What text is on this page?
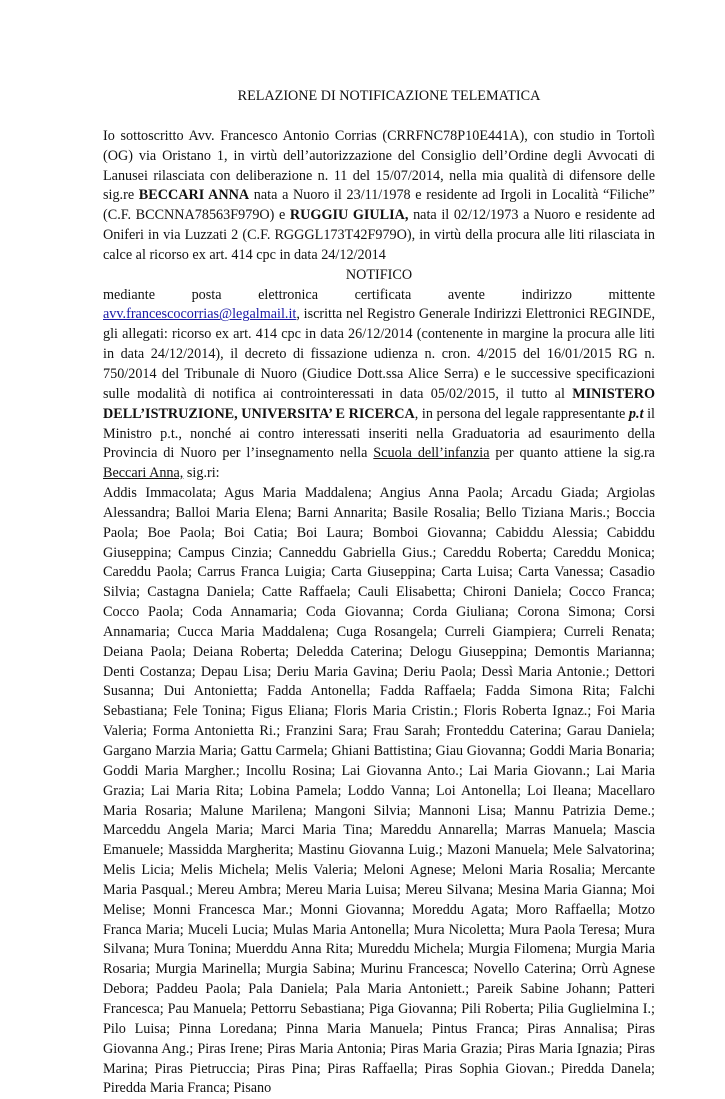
RELAZIONE DI NOTIFICAZIONE TELEMATICA

Io sottoscritto Avv. Francesco Antonio Corrias (CRRFNC78P10E441A), con studio in Tortolì (OG) via Oristano 1, in virtù dell’autorizzazione del Consiglio dell’Ordine degli Avvocati di Lanusei rilasciata con deliberazione n. 11 del 15/07/2014, nella mia qualità di difensore delle sig.re BECCARI ANNA nata a Nuoro il 23/11/1978 e residente ad Irgoli in Località “Filiche” (C.F. BCCNNA78563F979O) e RUGGIU GIULIA, nata il 02/12/1973 a Nuoro e residente ad Oniferi in via Luzzati 2 (C.F. RGGGL173T42F979O), in virtù della procura alle liti rilasciata in calce al ricorso ex art. 414 cpc in data 24/12/2014

NOTIFICO

mediante posta elettronica certificata avente indirizzo mittente avv.francescocorrias@legalmail.it, iscritta nel Registro Generale Indirizzi Elettronici REGINDE, gli allegati: ricorso ex art. 414 cpc in data 26/12/2014 (contenente in margine la procura alle liti in data 24/12/2014), il decreto di fissazione udienza n. cron. 4/2015 del 16/01/2015 RG n. 750/2014 del Tribunale di Nuoro (Giudice Dott.ssa Alice Serra) e le successive specificazioni sulle modalità di notifica ai controinteressati in data 05/02/2015, il tutto al MINISTERO DELL’ISTRUZIONE, UNIVERSITA’ E RICERCA, in persona del legale rappresentante p.t il Ministro p.t., nonché ai contro interessati inseriti nella Graduatoria ad esaurimento della Provincia di Nuoro per l’insegnamento nella Scuola dell’infanzia per quanto attiene la sig.ra Beccari Anna, sig.ri:

Addis Immacolata; Agus Maria Maddalena; Angius Anna Paola; Arcadu Giada; Argiolas Alessandra; Balloi Maria Elena; Barni Annarita; Basile Rosalia; Bello Tiziana Maris.; Boccia Paola; Boe Paola; Boi Catia; Boi Laura; Bomboi Giovanna; Cabiddu Alessia; Cabiddu Giuseppina; Campus Cinzia; Canneddu Gabriella Gius.; Careddu Roberta; Careddu Monica; Careddu Paola; Carrus Franca Luigia; Carta Giuseppina; Carta Luisa; Carta Vanessa; Casadio Silvia; Castagna Daniela; Catte Raffaela; Cauli Elisabetta; Chironi Daniela; Cocco Franca; Cocco Paola; Coda Annamaria; Coda Giovanna; Corda Giuliana; Corona Simona; Corsi Annamaria; Cucca Maria Maddalena; Cuga Rosangela; Curreli Giampiera; Curreli Renata; Deiana Paola; Deiana Roberta; Deledda Caterina; Delogu Giuseppina; Demontis Marianna; Denti Costanza; Depau Lisa; Deriu Maria Gavina; Deriu Paola; Dessì Maria Antonie.; Dettori Susanna; Dui Antonietta; Fadda Antonella; Fadda Raffaela; Fadda Simona Rita; Falchi Sebastiana; Fele Tonina; Figus Eliana; Floris Maria Cristin.; Floris Roberta Ignaz.; Foi Maria Valeria; Forma Antonietta Ri.; Franzini Sara; Frau Sarah; Fronteddu Caterina; Garau Daniela; Gargano Marzia Maria; Gattu Carmela; Ghiani Battistina; Giau Giovanna; Goddi Maria Bonaria; Goddi Maria Margher.; Incollu Rosina; Lai Giovanna Anto.; Lai Maria Giovann.; Lai Maria Grazia; Lai Maria Rita; Lobina Pamela; Loddo Vanna; Loi Antonella; Loi Ileana; Macellaro Maria Rosaria; Malune Marilena; Mangoni Silvia; Mannoni Lisa; Mannu Patrizia Deme.; Marceddu Angela Maria; Marci Maria Tina; Mareddu Annarella; Marras Manuela; Mascia Emanuele; Massidda Margherita; Mastinu Giovanna Luig.; Mazoni Manuela; Mele Salvatorina; Melis Licia; Melis Michela; Melis Valeria; Meloni Agnese; Meloni Maria Rosalia; Mercante Maria Pasqual.; Mereu Ambra; Mereu Maria Luisa; Mereu Silvana; Mesina Maria Gianna; Moi Melise; Monni Francesca Mar.; Monni Giovanna; Moreddu Agata; Moro Raffaella; Motzo Franca Maria; Muceli Lucia; Mulas Maria Antonella; Mura Nicoletta; Mura Paola Teresa; Mura Silvana; Mura Tonina; Muerddu Anna Rita; Mureddu Michela; Murgia Filomena; Murgia Maria Rosaria; Murgia Marinella; Murgia Sabina; Murinu Francesca; Novello Caterina; Orrù Agnese Debora; Paddeu Paola; Pala Daniela; Pala Maria Antoniett.; Pareik Sabine Johann; Patteri Francesca; Pau Manuela; Pettorru Sebastiana; Piga Giovanna; Pili Roberta; Pilia Guglielmina I.; Pilo Luisa; Pinna Loredana; Pinna Maria Manuela; Pintus Franca; Piras Annalisa; Piras Giovanna Ang.; Piras Irene; Piras Maria Antonia; Piras Maria Grazia; Piras Maria Ignazia; Piras Marina; Piras Pietruccia; Piras Pina; Piras Raffaella; Piras Sophia Giovan.; Piredda Danela; Piredda Maria Franca; Pisano
